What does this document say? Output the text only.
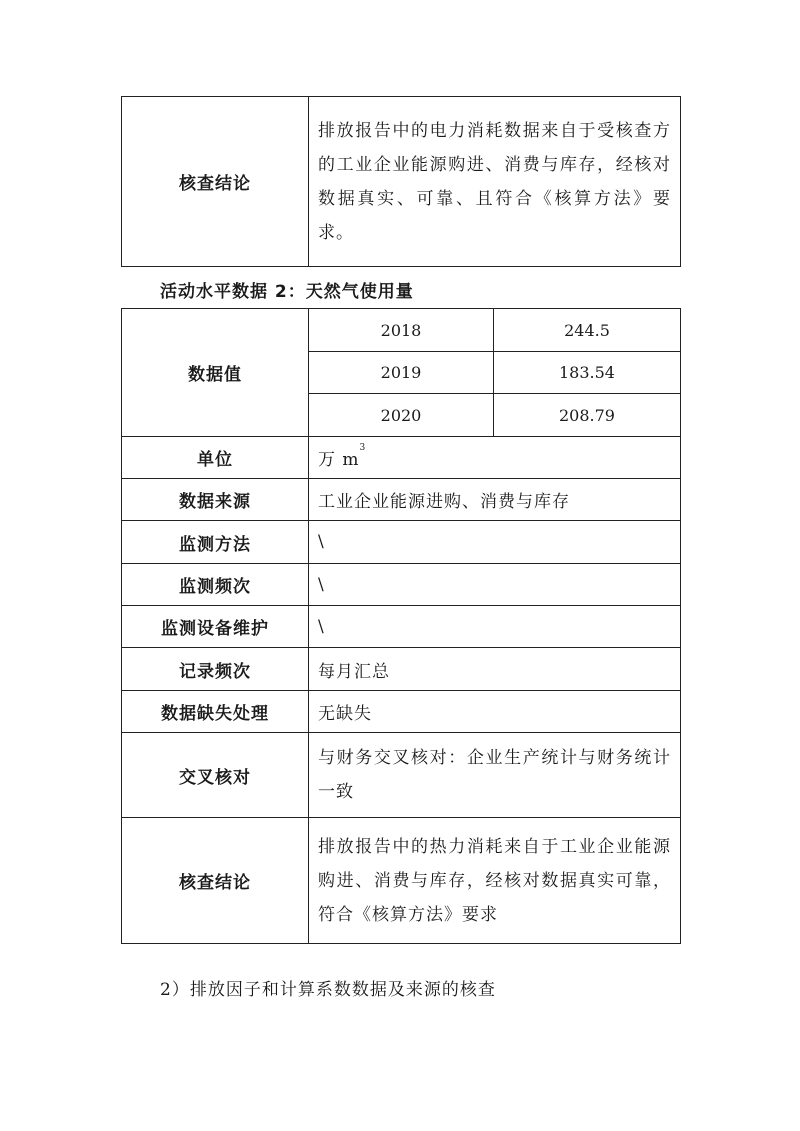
核查结论	排放报告中的电力消耗数据来自于受核查方的工业企业能源购进、消费与库存，经核对数据真实、可靠、且符合《核算方法》要求。
活动水平数据 2：天然气使用量
数据值	2018	244.5
	2019	183.54
	2020	208.79
单位	万 $m^3$
数据来源	工业企业能源进购、消费与库存	
监测方法	\	
监测频次	\	
监测设备维护	\	
记录频次	每月汇总	
数据缺失处理	无缺失	
交叉核对	与财务交叉核对：企业生产统计与财务统计一致	
核查结论	排放报告中的热力消耗来自于工业企业能源购进、消费与库存，经核对数据真实可靠，符合《核算方法》要求	
2）排放因子和计算系数数据及来源的核查
